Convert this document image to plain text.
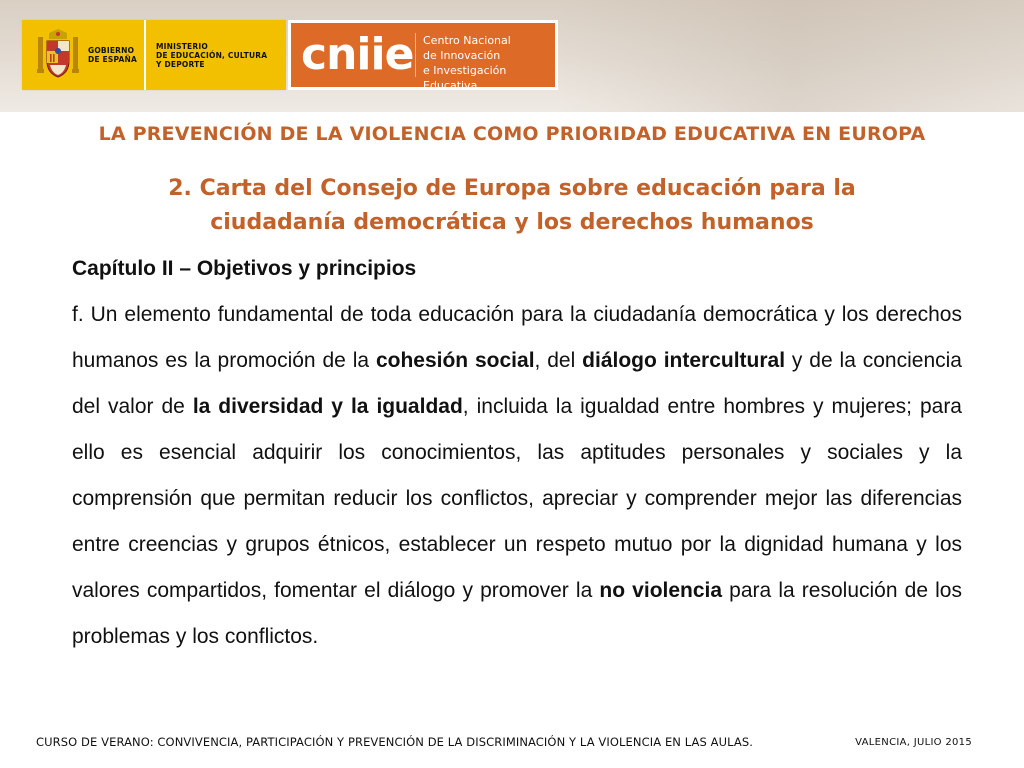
GOBIERNO
DE ESPAÑA
MINISTERIO
DE EDUCACIÓN, CULTURA
Y DEPORTE	cniie Centro Nacional
de Innovación
e Investigación Educativa
LA PREVENCIÓN DE LA VIOLENCIA COMO PRIORIDAD EDUCATIVA EN EUROPA
2. Carta del Consejo de Europa sobre educación para la
ciudadanía democrática y los derechos humanos
Capítulo II – Objetivos y principios
f. Un elemento fundamental de toda educación para la ciudadanía democrática y los derechos humanos es la promoción de la cohesión social, del diálogo intercultural y de la conciencia del valor de la diversidad y la igualdad, incluida la igualdad entre hombres y mujeres; para ello es esencial adquirir los conocimientos, las aptitudes personales y sociales y la comprensión que permitan reducir los conflictos, apreciar y comprender mejor las diferencias entre creencias y grupos étnicos, establecer un respeto mutuo por la dignidad humana y los valores compartidos, fomentar el diálogo y promover la no violencia para la resolución de los problemas y los conflictos.
CURSO DE VERANO: CONVIVENCIA, PARTICIPACIÓN Y PREVENCIÓN DE LA DISCRIMINACIÓN Y LA VIOLENCIA EN LAS AULAS.	VALENCIA, JULIO 2015
